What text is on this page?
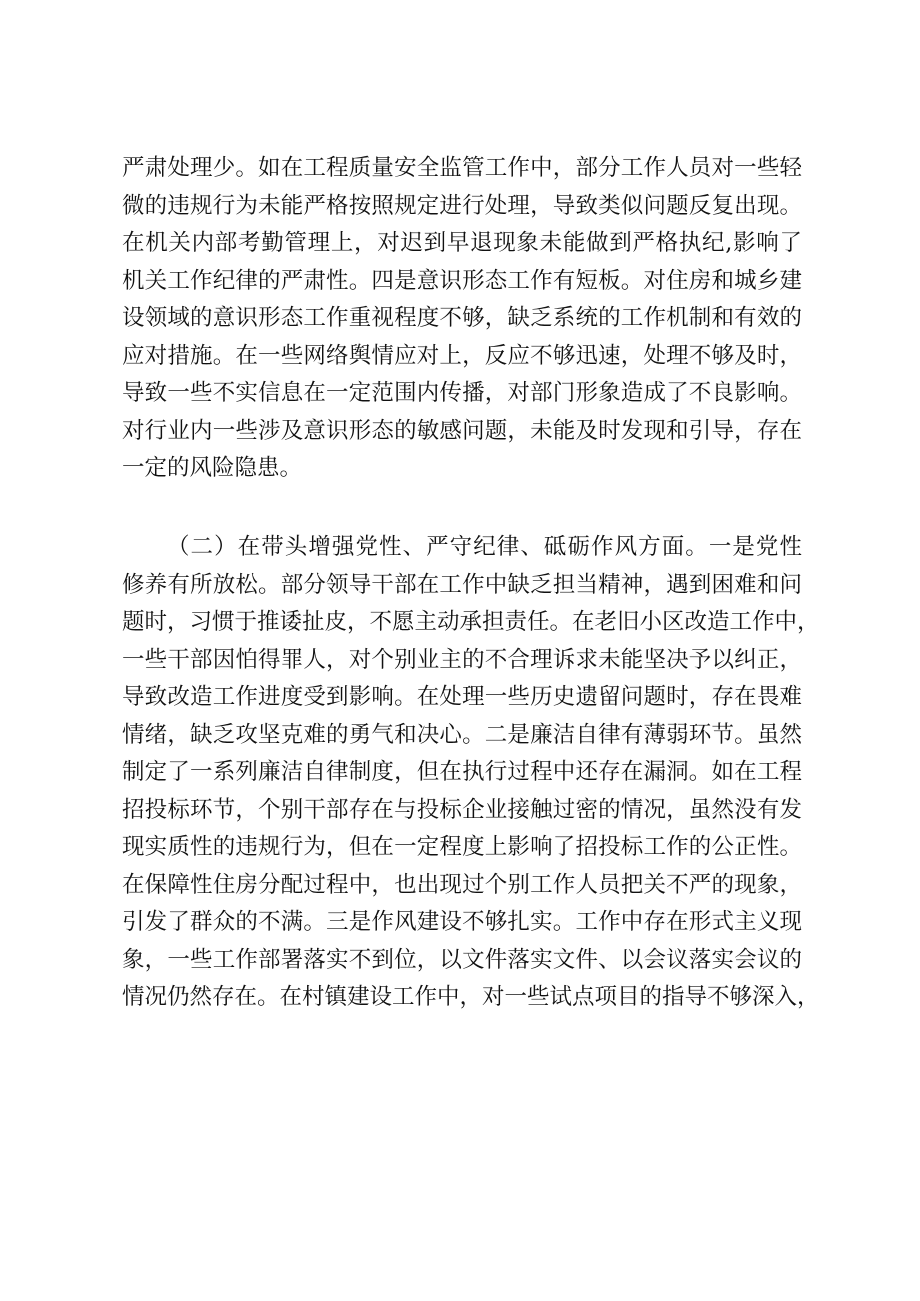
严肃处理少。如在工程质量安全监管工作中，部分工作人员对一些轻
微的违规行为未能严格按照规定进行处理，导致类似问题反复出现。
在机关内部考勤管理上，对迟到早退现象未能做到严格执纪,影响了
机关工作纪律的严肃性。四是意识形态工作有短板。对住房和城乡建
设领域的意识形态工作重视程度不够，缺乏系统的工作机制和有效的
应对措施。在一些网络舆情应对上，反应不够迅速，处理不够及时，
导致一些不实信息在一定范围内传播，对部门形象造成了不良影响。
对行业内一些涉及意识形态的敏感问题，未能及时发现和引导，存在
一定的风险隐患。
（二）在带头增强党性、严守纪律、砥砺作风方面。一是党性
修养有所放松。部分领导干部在工作中缺乏担当精神，遇到困难和问
题时，习惯于推诿扯皮，不愿主动承担责任。在老旧小区改造工作中，
一些干部因怕得罪人，对个别业主的不合理诉求未能坚决予以纠正，
导致改造工作进度受到影响。在处理一些历史遗留问题时，存在畏难
情绪，缺乏攻坚克难的勇气和决心。二是廉洁自律有薄弱环节。虽然
制定了一系列廉洁自律制度，但在执行过程中还存在漏洞。如在工程
招投标环节，个别干部存在与投标企业接触过密的情况，虽然没有发
现实质性的违规行为，但在一定程度上影响了招投标工作的公正性。
在保障性住房分配过程中，也出现过个别工作人员把关不严的现象，
引发了群众的不满。三是作风建设不够扎实。工作中存在形式主义现
象，一些工作部署落实不到位，以文件落实文件、以会议落实会议的
情况仍然存在。在村镇建设工作中，对一些试点项目的指导不够深入，
